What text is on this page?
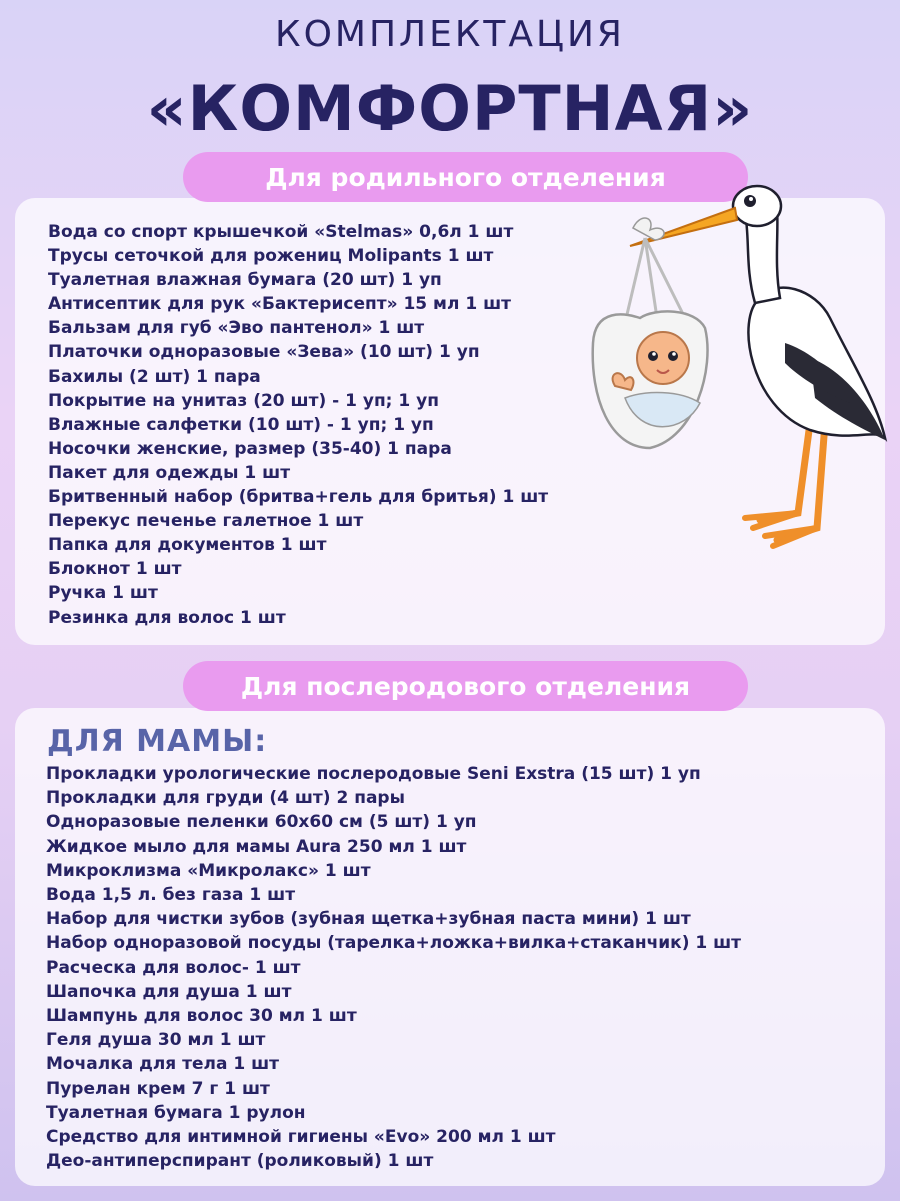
КОМПЛЕКТАЦИЯ
«КОМФОРТНАЯ»
Для родильного отделения
Вода со спорт крышечкой «Stelmas» 0,6л 1 шт
Трусы сеточкой для рожениц Molipants 1 шт
Туалетная влажная бумага (20 шт) 1 уп
Антисептик для рук «Бактерисепт» 15 мл 1 шт
Бальзам для губ «Эво пантенол» 1 шт
Платочки одноразовые «Зева» (10 шт) 1 уп
Бахилы (2 шт) 1 пара
Покрытие на унитаз (20 шт) - 1 уп; 1 уп
Влажные салфетки (10 шт) - 1 уп; 1 уп
Носочки женские, размер (35-40) 1 пара
Пакет для одежды 1 шт
Бритвенный набор (бритва+гель для бритья) 1 шт
Перекус печенье галетное 1 шт
Папка для документов 1 шт
Блокнот 1 шт
Ручка 1 шт
Резинка для волос 1 шт
Для послеродового отделения
ДЛЯ МАМЫ:
Прокладки урологические послеродовые Seni Exstra (15 шт) 1 уп
Прокладки для груди (4 шт) 2 пары
Одноразовые пеленки 60х60 см (5 шт) 1 уп
Жидкое мыло для мамы Aura 250 мл 1 шт
Микроклизма «Микролакс» 1 шт
Вода 1,5 л. без газа 1 шт
Набор для чистки зубов (зубная щетка+зубная паста мини) 1 шт
Набор одноразовой посуды (тарелка+ложка+вилка+стаканчик) 1 шт
Расческа для волос- 1 шт
Шапочка для душа 1 шт
Шампунь для волос 30 мл 1 шт
Геля душа 30 мл 1 шт
Мочалка для тела 1 шт
Пурелан крем 7 г 1 шт
Туалетная бумага 1 рулон
Средство для интимной гигиены «Evo» 200 мл 1 шт
Део-антиперспирант (роликовый) 1 шт
